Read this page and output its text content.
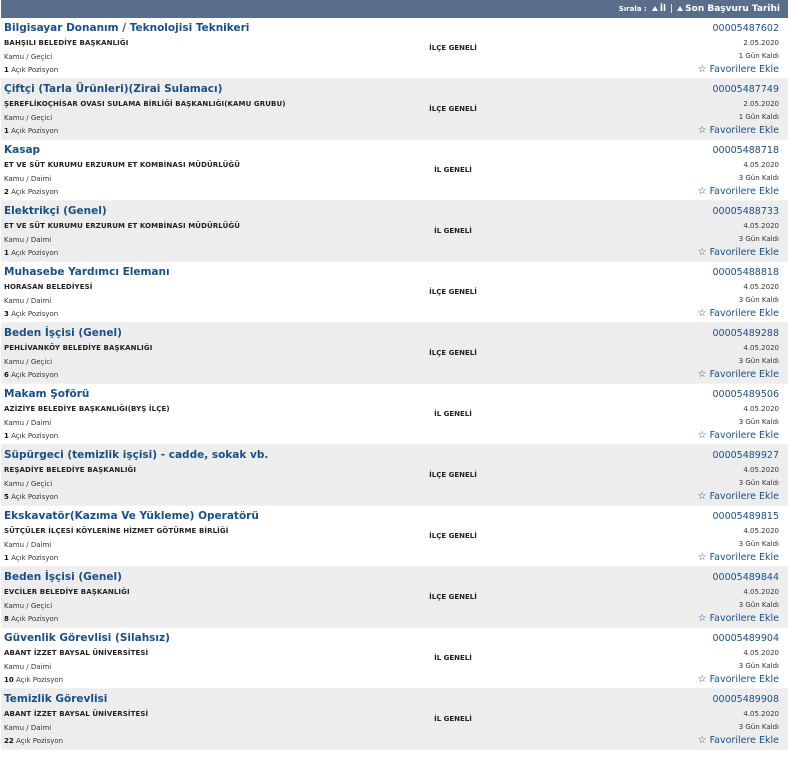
Sırala : İl | Son Başvuru Tarihi
Bilgisayar Donanım / Teknolojisi Teknikeri
BAHŞILI BELEDİYE BAŞKANLIĞI
Kamu / Geçici
1 Açık Pozisyon
İLÇE GENELİ
00005487602
2.05.2020
1 Gün Kaldı
☆ Favorilere Ekle
Çiftçi (Tarla Ürünleri)(Zirai Sulamacı)
ŞEREFLİKOÇHİSAR OVASI SULAMA BİRLİĞİ BAŞKANLIĞI(KAMU GRUBU)
Kamu / Geçici
1 Açık Pozisyon
İLÇE GENELİ
00005487749
2.05.2020
1 Gün Kaldı
☆ Favorilere Ekle
Kasap
ET VE SÜT KURUMU ERZURUM ET KOMBİNASI MÜDÜRLÜĞÜ
Kamu / Daimi
2 Açık Pozisyon
İL GENELİ
00005488718
4.05.2020
3 Gün Kaldı
☆ Favorilere Ekle
Elektrikçi (Genel)
ET VE SÜT KURUMU ERZURUM ET KOMBİNASI MÜDÜRLÜĞÜ
Kamu / Daimi
1 Açık Pozisyon
İL GENELİ
00005488733
4.05.2020
3 Gün Kaldı
☆ Favorilere Ekle
Muhasebe Yardımcı Elemanı
HORASAN BELEDİYESİ
Kamu / Daimi
3 Açık Pozisyon
İLÇE GENELİ
00005488818
4.05.2020
3 Gün Kaldı
☆ Favorilere Ekle
Beden İşçisi (Genel)
PEHLİVANKÖY BELEDİYE BAŞKANLIĞI
Kamu / Geçici
6 Açık Pozisyon
İLÇE GENELİ
00005489288
4.05.2020
3 Gün Kaldı
☆ Favorilere Ekle
Makam Şoförü
AZİZİYE BELEDİYE BAŞKANLIĞI(BYŞ İLÇE)
Kamu / Daimi
1 Açık Pozisyon
İL GENELİ
00005489506
4.05.2020
3 Gün Kaldı
☆ Favorilere Ekle
Süpürgeci (temizlik işçisi) - cadde, sokak vb.
REŞADİYE BELEDİYE BAŞKANLIĞI
Kamu / Geçici
5 Açık Pozisyon
İLÇE GENELİ
00005489927
4.05.2020
3 Gün Kaldı
☆ Favorilere Ekle
Ekskavatör(Kazıma Ve Yükleme) Operatörü
SÜTÇÜLER İLÇESİ KÖYLERİNE HİZMET GÖTÜRME BİRLİĞİ
Kamu / Daimi
1 Açık Pozisyon
İLÇE GENELİ
00005489815
4.05.2020
3 Gün Kaldı
☆ Favorilere Ekle
Beden İşçisi (Genel)
EVCİLER BELEDİYE BAŞKANLIĞI
Kamu / Geçici
8 Açık Pozisyon
İLÇE GENELİ
00005489844
4.05.2020
3 Gün Kaldı
☆ Favorilere Ekle
Güvenlik Görevlisi (Silahsız)
ABANT İZZET BAYSAL ÜNİVERSİTESİ
Kamu / Daimi
10 Açık Pozisyon
İL GENELİ
00005489904
4.05.2020
3 Gün Kaldı
☆ Favorilere Ekle
Temizlik Görevlisi
ABANT İZZET BAYSAL ÜNİVERSİTESİ
Kamu / Daimi
22 Açık Pozisyon
İL GENELİ
00005489908
4.05.2020
3 Gün Kaldı
☆ Favorilere Ekle
